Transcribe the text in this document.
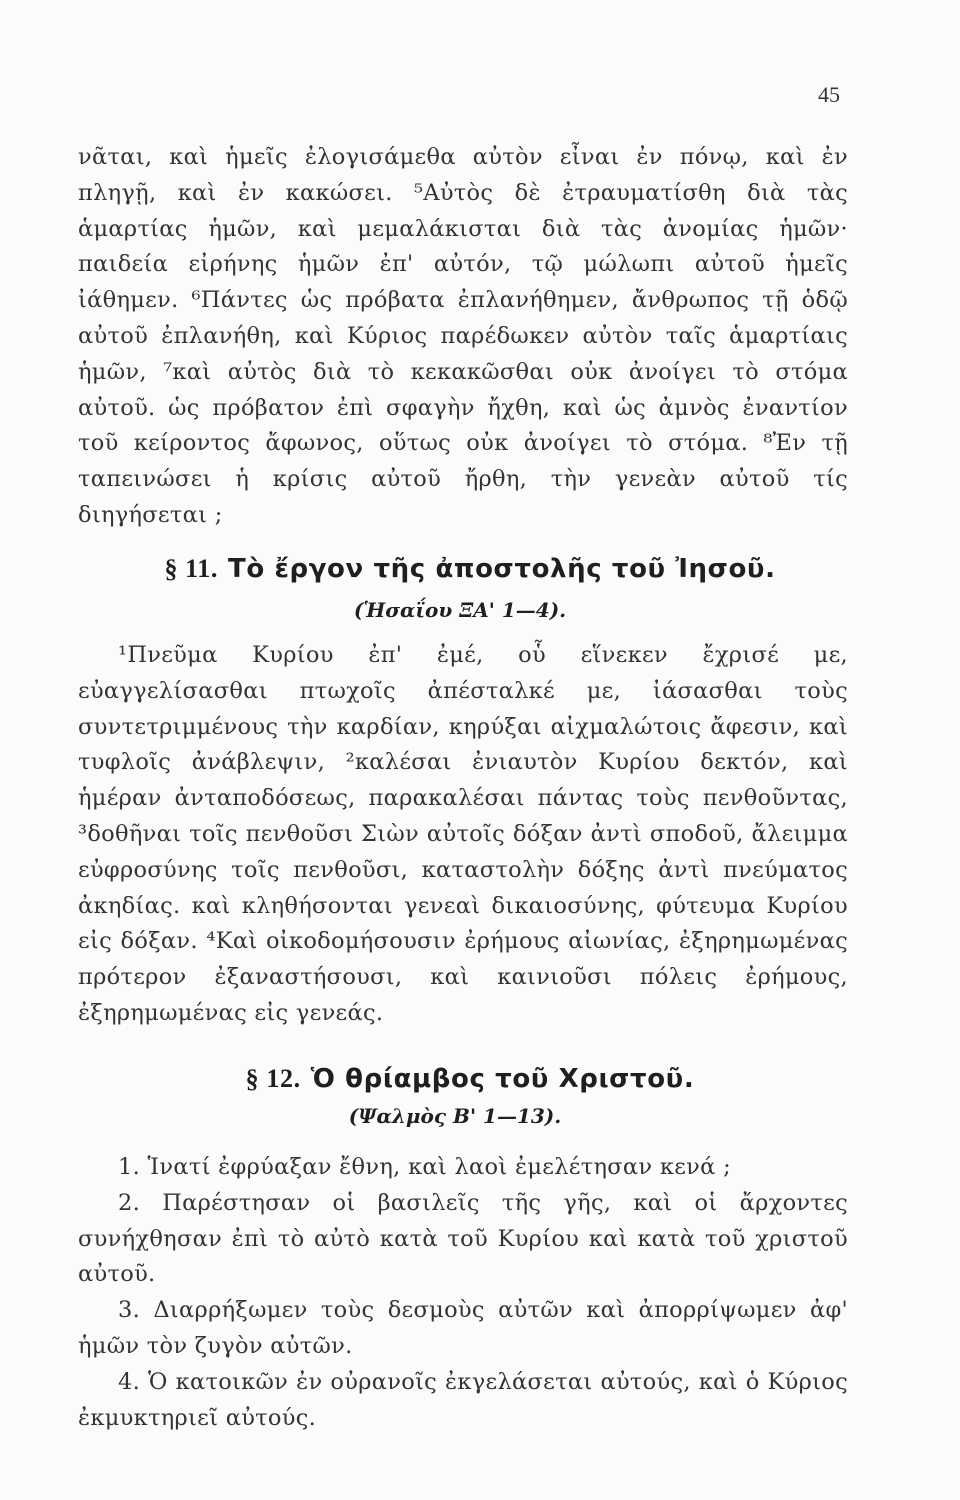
45

νᾶται, καὶ ἡμεῖς ἐλογισάμεθα αὐτὸν εἶναι ἐν πόνῳ, καὶ ἐν πληγῇ, καὶ ἐν κακώσει. ⁵Αὐτὸς δὲ ἐτραυματίσθη διὰ τὰς ἁμαρτίας ἡμῶν, καὶ μεμαλάκισται διὰ τὰς ἀνομίας ἡμῶν· παιδεία εἰρήνης ἡμῶν ἐπ' αὐτόν, τῷ μώλωπι αὐτοῦ ἡμεῖς ἰάθημεν. ⁶Πάντες ὡς πρόβατα ἐπλανήθημεν, ἄνθρωπος τῇ ὁδῷ αὐτοῦ ἐπλανήθη, καὶ Κύριος παρέδωκεν αὐτὸν ταῖς ἁμαρτίαις ἡμῶν, ⁷καὶ αὐτὸς διὰ τὸ κεκακῶσθαι οὐκ ἀνοίγει τὸ στόμα αὐτοῦ. ὡς πρόβατον ἐπὶ σφαγὴν ἤχθη, καὶ ὡς ἀμνὸς ἐναντίον τοῦ κείροντος ἄφωνος, οὕτως οὐκ ἀνοίγει τὸ στόμα. ⁸Ἐν τῇ ταπεινώσει ἡ κρίσις αὐτοῦ ἤρθη, τὴν γενεὰν αὐτοῦ τίς διηγήσεται ;

§ 11. Τὸ ἔργον τῆς ἀποστολῆς τοῦ Ἰησοῦ.
(Ἡσαΐου ΞΑ' 1—4).

¹Πνεῦμα Κυρίου ἐπ' ἐμέ, οὗ εἵνεκεν ἔχρισέ με, εὐαγγελίσασθαι πτωχοῖς ἀπέσταλκέ με, ἰάσασθαι τοὺς συντετριμμένους τὴν καρδίαν, κηρύξαι αἰχμαλώτοις ἄφεσιν, καὶ τυφλοῖς ἀνάβλεψιν, ²καλέσαι ἐνιαυτὸν Κυρίου δεκτόν, καὶ ἡμέραν ἀνταποδόσεως, παρακαλέσαι πάντας τοὺς πενθοῦντας, ³δοθῆναι τοῖς πενθοῦσι Σιὼν αὐτοῖς δόξαν ἀντὶ σποδοῦ, ἄλειμμα εὐφροσύνης τοῖς πενθοῦσι, καταστολὴν δόξης ἀντὶ πνεύματος ἀκηδίας. καὶ κληθήσονται γενεαὶ δικαιοσύνης, φύτευμα Κυρίου εἰς δόξαν. ⁴Καὶ οἰκοδομήσουσιν ἐρήμους αἰωνίας, ἐξηρημωμένας πρότερον ἐξαναστήσουσι, καὶ καινιοῦσι πόλεις ἐρήμους, ἐξηρημωμένας εἰς γενεάς.

§ 12. Ὁ θρίαμβος τοῦ Χριστοῦ.
(Ψαλμὸς Β' 1—13).

1. Ἱνατί ἐφρύαξαν ἔθνη, καὶ λαοὶ ἐμελέτησαν κενά ;

2. Παρέστησαν οἱ βασιλεῖς τῆς γῆς, καὶ οἱ ἄρχοντες συνήχθησαν ἐπὶ τὸ αὐτὸ κατὰ τοῦ Κυρίου καὶ κατὰ τοῦ χριστοῦ αὐτοῦ.

3. Διαρρήξωμεν τοὺς δεσμοὺς αὐτῶν καὶ ἀπορρίψωμεν ἀφ' ἡμῶν τὸν ζυγὸν αὐτῶν.

4. Ὁ κατοικῶν ἐν οὐρανοῖς ἐκγελάσεται αὐτούς, καὶ ὁ Κύριος ἐκμυκτηριεῖ αὐτούς.
